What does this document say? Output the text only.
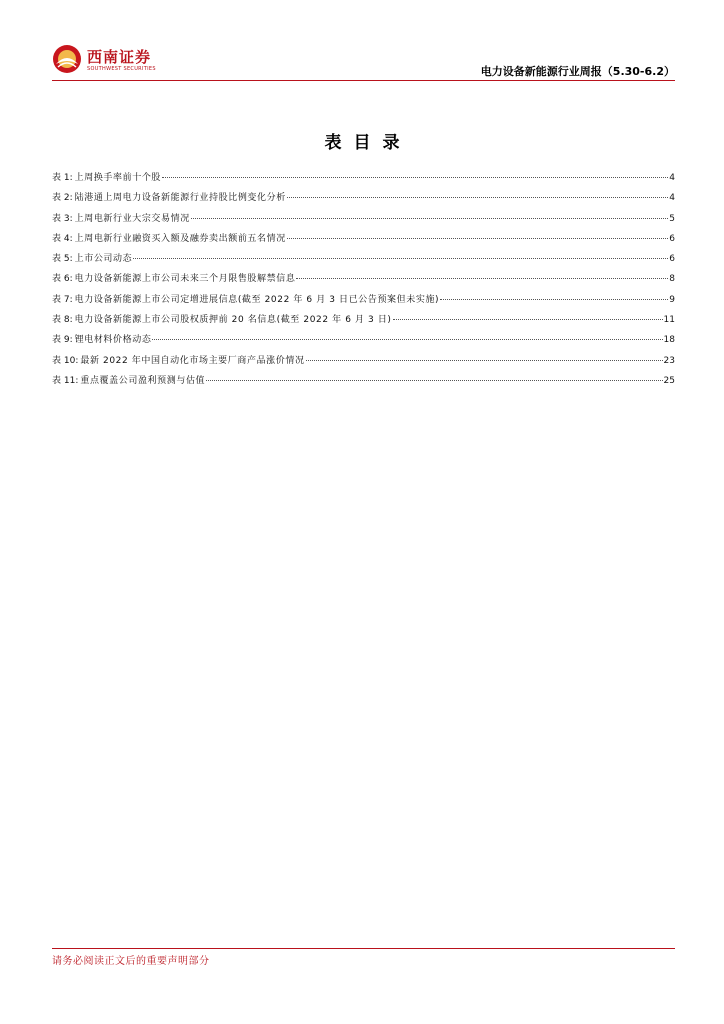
西南证券
SOUTHWEST SECURITIES	电力设备新能源行业周报（5.30-6.2）
表目录
表 1: 上周换手率前十个股	4
表 2: 陆港通上周电力设备新能源行业持股比例变化分析	4
表 3: 上周电新行业大宗交易情况	5
表 4: 上周电新行业融资买入额及融券卖出额前五名情况	6
表 5: 上市公司动态	6
表 6: 电力设备新能源上市公司未来三个月限售股解禁信息	8
表 7: 电力设备新能源上市公司定增进展信息(截至 2022 年 6 月 3 日已公告预案但未实施)	9
表 8: 电力设备新能源上市公司股权质押前 20 名信息(截至 2022 年 6 月 3 日)	11
表 9: 锂电材料价格动态	18
表 10: 最新 2022 年中国自动化市场主要厂商产品涨价情况	23
表 11: 重点覆盖公司盈利预测与估值	25
请务必阅读正文后的重要声明部分
